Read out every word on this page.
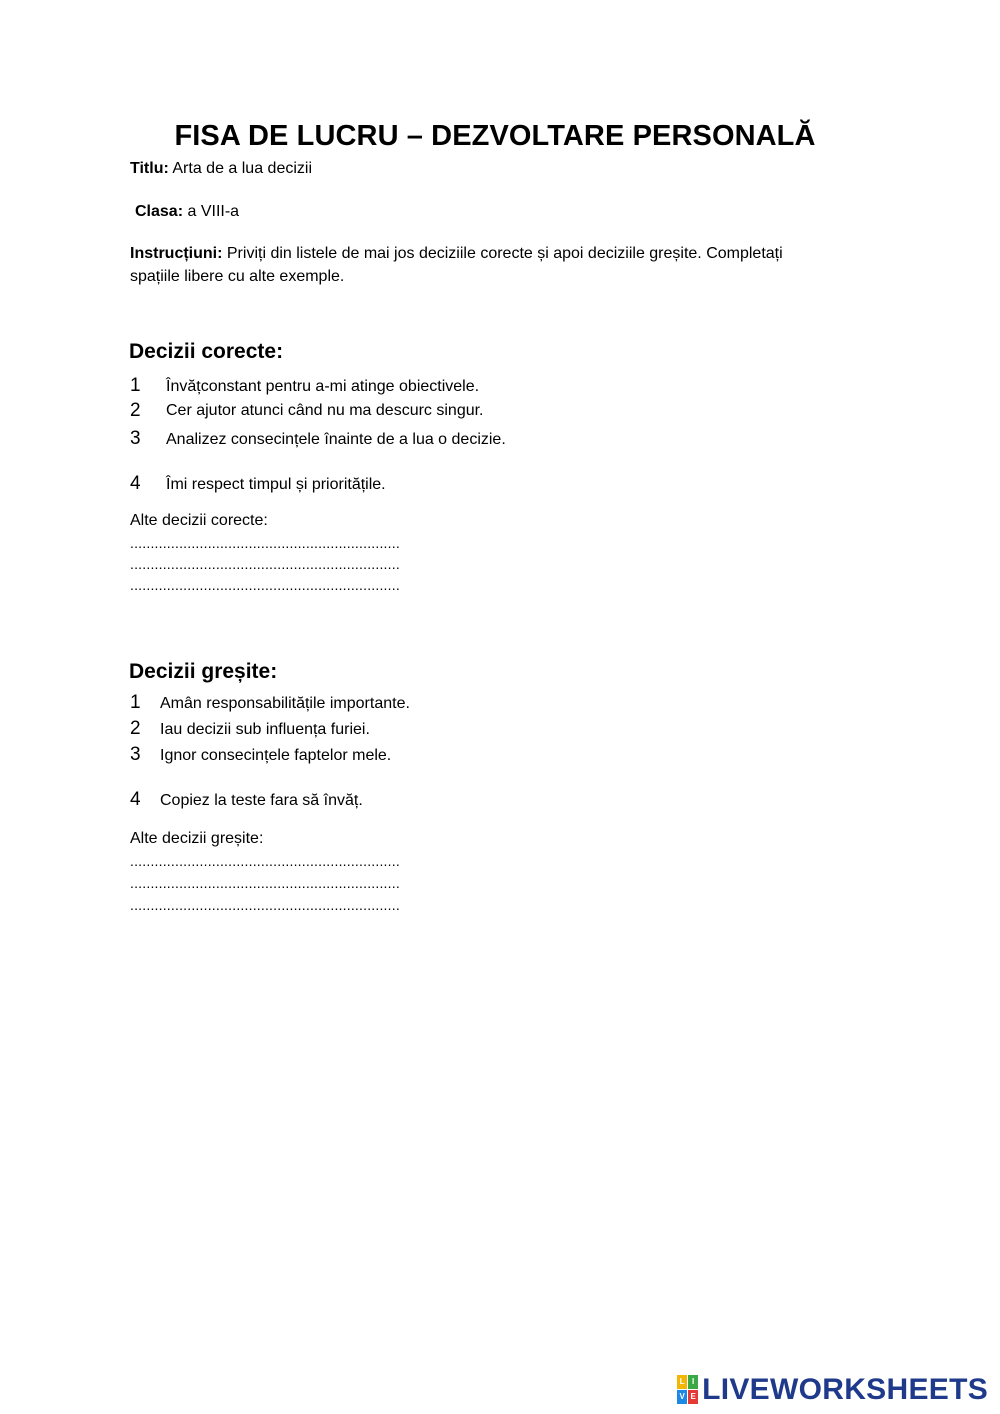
FISA DE LUCRU – DEZVOLTARE PERSONALĂ
Titlu: Arta de a lua decizii
Clasa: a VIII-a
Instrucțiuni: Priviți din listele de mai jos deciziile corecte și apoi deciziile greșite. Completați spațiile libere cu alte exemple.
Decizii corecte:
1 Învățconstant pentru a-mi atinge obiectivele.
2 Cer ajutor atunci când nu ma descurc singur.
3 Analizez consecințele înainte de a lua o decizie.
4 Îmi respect timpul și prioritățile.
Alte decizii corecte:
..................................................................
..................................................................
..................................................................
Decizii greșite:
1 Amân responsabilitățile importante.
2 Iau decizii sub influența furiei.
3 Ignor consecințele faptelor mele.
4 Copiez la teste fara să învăț.
Alte decizii greșite:
..................................................................
..................................................................
..................................................................
L I
V E LIVEWORKSHEETS
